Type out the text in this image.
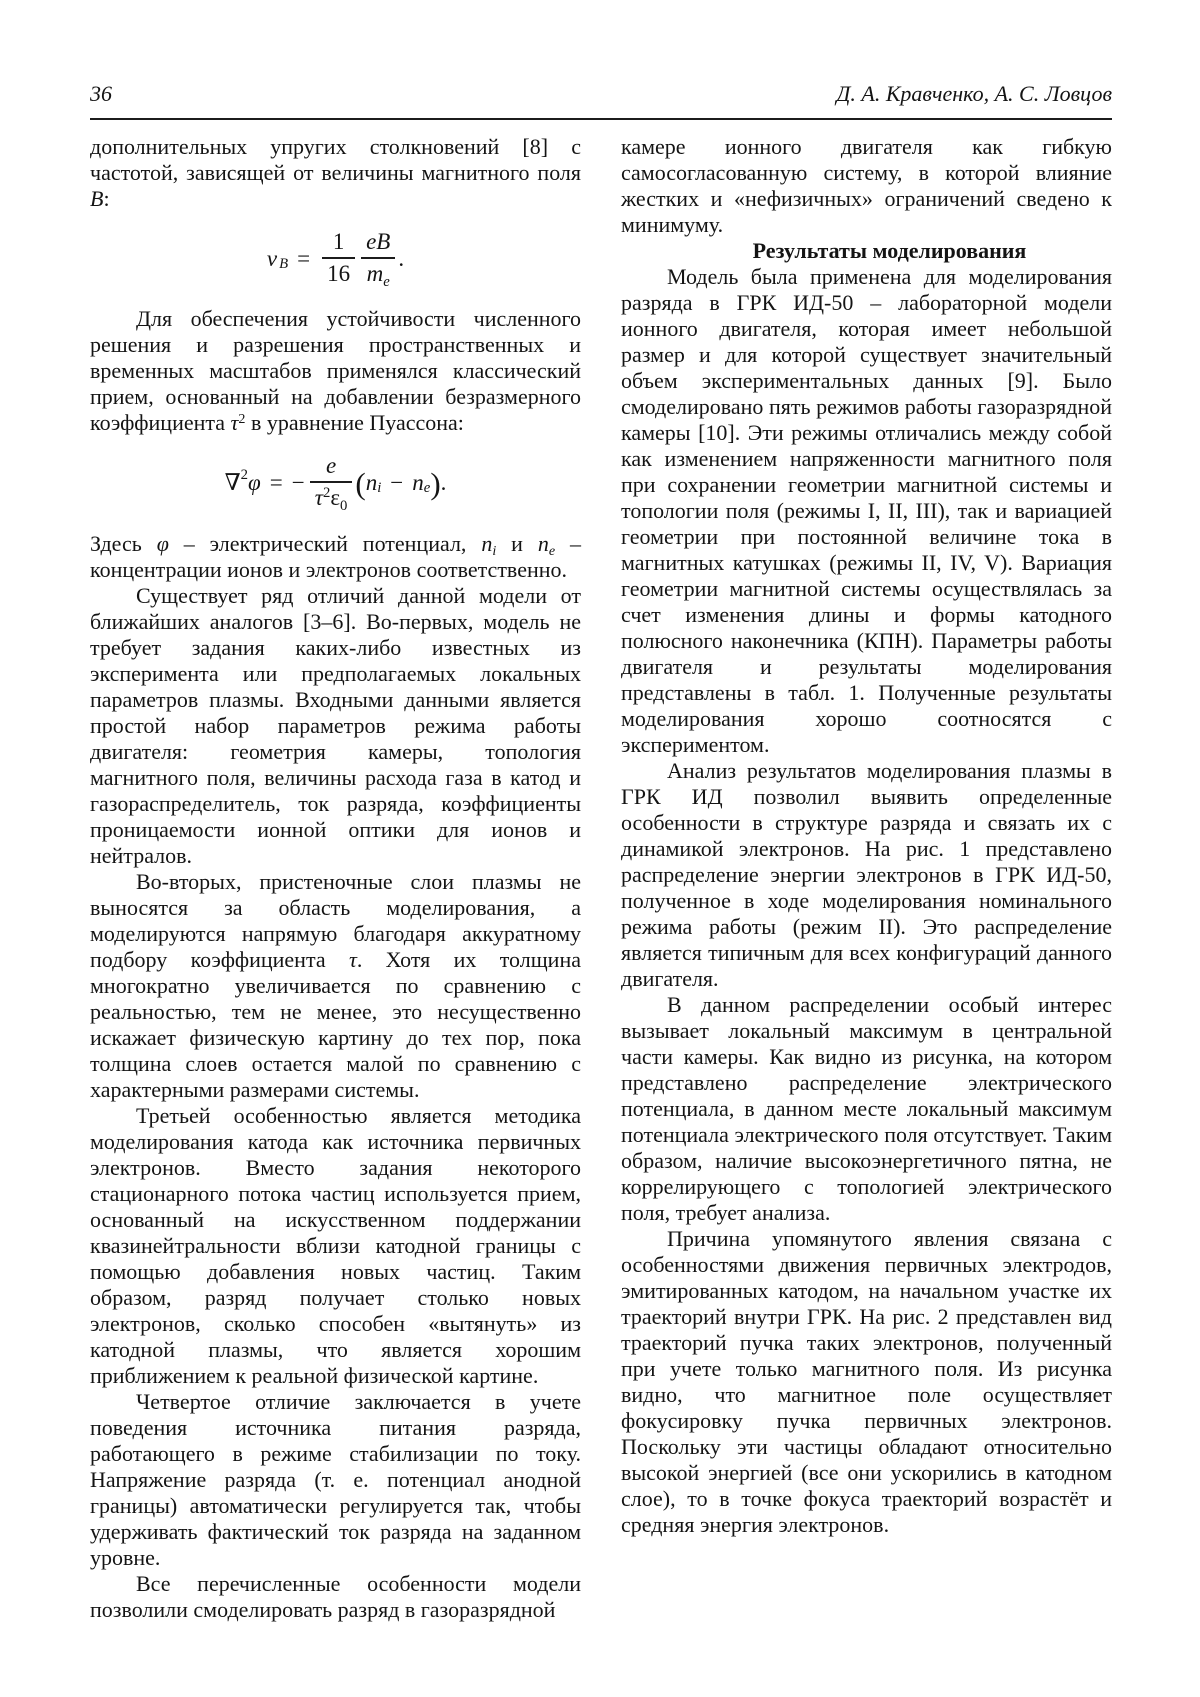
36	Д. А. Кравченко, А. С. Ловцов

дополнительных упругих столкновений [8] с частотой, зависящей от величины магнитного поля B:

$\nu_B = \frac{1}{16} \frac{eB}{m_e}$ .

Для обеспечения устойчивости численного решения и разрешения пространственных и временных масштабов применялся классический прием, основанный на добавлении безразмерного коэффициента $\tau^2$ в уравнение Пуассона:

∇$^2$ φ = − $\frac{e}{\tau^2\varepsilon_0}$ ( $n_i - n_e$ ) .

Здесь φ – электрический потенциал, $n_i$ и $n_e$ – концентрации ионов и электронов соответственно.

Существует ряд отличий данной модели от ближайших аналогов [3–6]. Во-первых, модель не требует задания каких-либо известных из эксперимента или предполагаемых локальных параметров плазмы. Входными данными является простой набор параметров режима работы двигателя: геометрия камеры, топология магнитного поля, величины расхода газа в катод и газораспределитель, ток разряда, коэффициенты проницаемости ионной оптики для ионов и нейтралов.

Во-вторых, пристеночные слои плазмы не выносятся за область моделирования, а моделируются напрямую благодаря аккуратному подбору коэффициента τ. Хотя их толщина многократно увеличивается по сравнению с реальностью, тем не менее, это несущественно искажает физическую картину до тех пор, пока толщина слоев остается малой по сравнению с характерными размерами системы.

Третьей особенностью является методика моделирования катода как источника первичных электронов. Вместо задания некоторого стационарного потока частиц используется прием, основанный на искусственном поддержании квазинейтральности вблизи катодной границы с помощью добавления новых частиц. Таким образом, разряд получает столько новых электронов, сколько способен «вытянуть» из катодной плазмы, что является хорошим приближением к реальной физической картине.

Четвертое отличие заключается в учете поведения источника питания разряда, работающего в режиме стабилизации по току. Напряжение разряда (т. е. потенциал анодной границы) автоматически регулируется так, чтобы удерживать фактический ток разряда на заданном уровне.

Все перечисленные особенности модели позволили смоделировать разряд в газоразрядной

камере ионного двигателя как гибкую самосогласованную систему, в которой влияние жестких и «нефизичных» ограничений сведено к минимуму.

Результаты моделирования

Модель была применена для моделирования разряда в ГРК ИД-50 – лабораторной модели ионного двигателя, которая имеет небольшой размер и для которой существует значительный объем экспериментальных данных [9]. Было смоделировано пять режимов работы газоразрядной камеры [10]. Эти режимы отличались между собой как изменением напряженности магнитного поля при сохранении геометрии магнитной системы и топологии поля (режимы I, II, III), так и вариацией геометрии при постоянной величине тока в магнитных катушках (режимы II, IV, V). Вариация геометрии магнитной системы осуществлялась за счет изменения длины и формы катодного полюсного наконечника (КПН). Параметры работы двигателя и результаты моделирования представлены в табл. 1. Полученные результаты моделирования хорошо соотносятся с экспериментом.

Анализ результатов моделирования плазмы в ГРК ИД позволил выявить определенные особенности в структуре разряда и связать их с динамикой электронов. На рис. 1 представлено распределение энергии электронов в ГРК ИД-50, полученное в ходе моделирования номинального режима работы (режим II). Это распределение является типичным для всех конфигураций данного двигателя.

В данном распределении особый интерес вызывает локальный максимум в центральной части камеры. Как видно из рисунка, на котором представлено распределение электрического потенциала, в данном месте локальный максимум потенциала электрического поля отсутствует. Таким образом, наличие высокоэнергетичного пятна, не коррелирующего с топологией электрического поля, требует анализа.

Причина упомянутого явления связана с особенностями движения первичных электродов, эмитированных катодом, на начальном участке их траекторий внутри ГРК. На рис. 2 представлен вид траекторий пучка таких электронов, полученный при учете только магнитного поля. Из рисунка видно, что магнитное поле осуществляет фокусировку пучка первичных электронов. Поскольку эти частицы обладают относительно высокой энергией (все они ускорились в катодном слое), то в точке фокуса траекторий возрастёт и средняя энергия электронов.
